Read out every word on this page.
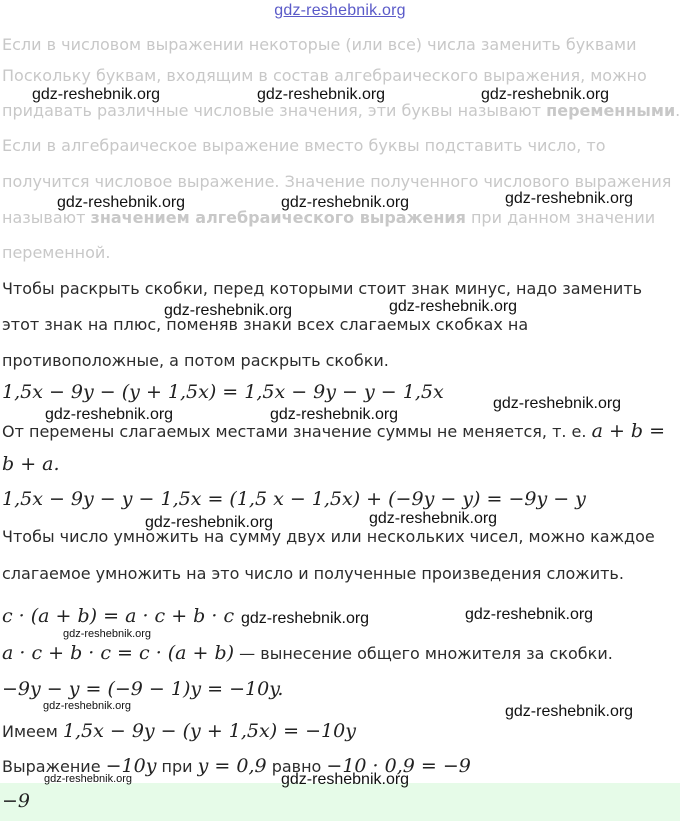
gdz-reshebnik.org
Если в числовом выражении некоторые (или все) числа заменить буквами
Поскольку буквам, входящим в состав алгебраического выражения, можно
придавать различные числовые значения, эти буквы называют переменными.
Если в алгебраическое выражение вместо буквы подставить число, то
получится числовое выражение. Значение полученного числового выражения
называют значением алгебраического выражения при данном значении
переменной.
Чтобы раскрыть скобки, перед которыми стоит знак минус, надо заменить
этот знак на плюс, поменяв знаки всех слагаемых скобках на
противоположные, а потом раскрыть скобки.
1,5x − 9y − (y + 1,5x) = 1,5x − 9y − y − 1,5x
От перемены слагаемых местами значение суммы не меняется, т. е. a + b =
b + a.
1,5x − 9y − y − 1,5x = (1,5 x − 1,5x) + (−9y − y) = −9y − y
Чтобы число умножить на сумму двух или нескольких чисел, можно каждое
слагаемое умножить на это число и полученные произведения сложить.
c · (a + b) = a · c + b · c
a · c + b · c = c · (a + b) — вынесение общего множителя за скобки.
−9y − y = (−9 − 1)y = −10y.
Имеем 1,5x − 9y − (y + 1,5x) = −10y
Выражение −10y при y = 0,9 равно −10 · 0,9 = −9
−9
gdz-reshebnik.org	gdz-reshebnik.org	gdz-reshebnik.org
gdz-reshebnik.org	gdz-reshebnik.org	gdz-reshebnik.org
gdz-reshebnik.org	gdz-reshebnik.org
gdz-reshebnik.org	gdz-reshebnik.org
gdz-reshebnik.org
gdz-reshebnik.org	gdz-reshebnik.org
gdz-reshebnik.org	gdz-reshebnik.org
gdz-reshebnik.org
gdz-reshebnik.org	gdz-reshebnik.org
gdz-reshebnik.org	gdz-reshebnik.org
